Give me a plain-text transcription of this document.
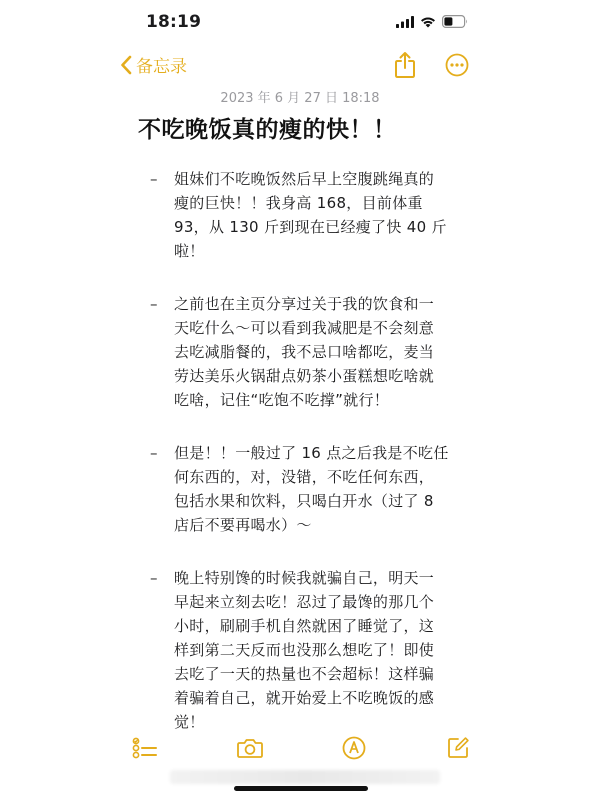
18:19
备忘录
2023 年 6 月 27 日 18:18
不吃晚饭真的瘦的快！！
–	姐妹们不吃晚饭然后早上空腹跳绳真的
瘦的巨快！！我身高 168，目前体重
93，从 130 斤到现在已经瘦了快 40 斤
啦！
–	之前也在主页分享过关于我的饮食和一
天吃什么～可以看到我减肥是不会刻意
去吃减脂餐的，我不忌口啥都吃，麦当
劳达美乐火锅甜点奶茶小蛋糕想吃啥就
吃啥，记住“吃饱不吃撑”就行！
–	但是！！一般过了 16 点之后我是不吃任
何东西的，对，没错，不吃任何东西，
包括水果和饮料，只喝白开水（过了 8
店后不要再喝水）～
–	晚上特别馋的时候我就骗自己，明天一
早起来立刻去吃！忍过了最馋的那几个
小时，刷刷手机自然就困了睡觉了，这
样到第二天反而也没那么想吃了！即使
去吃了一天的热量也不会超标！这样骗
着骗着自己，就开始爱上不吃晚饭的感
觉！
